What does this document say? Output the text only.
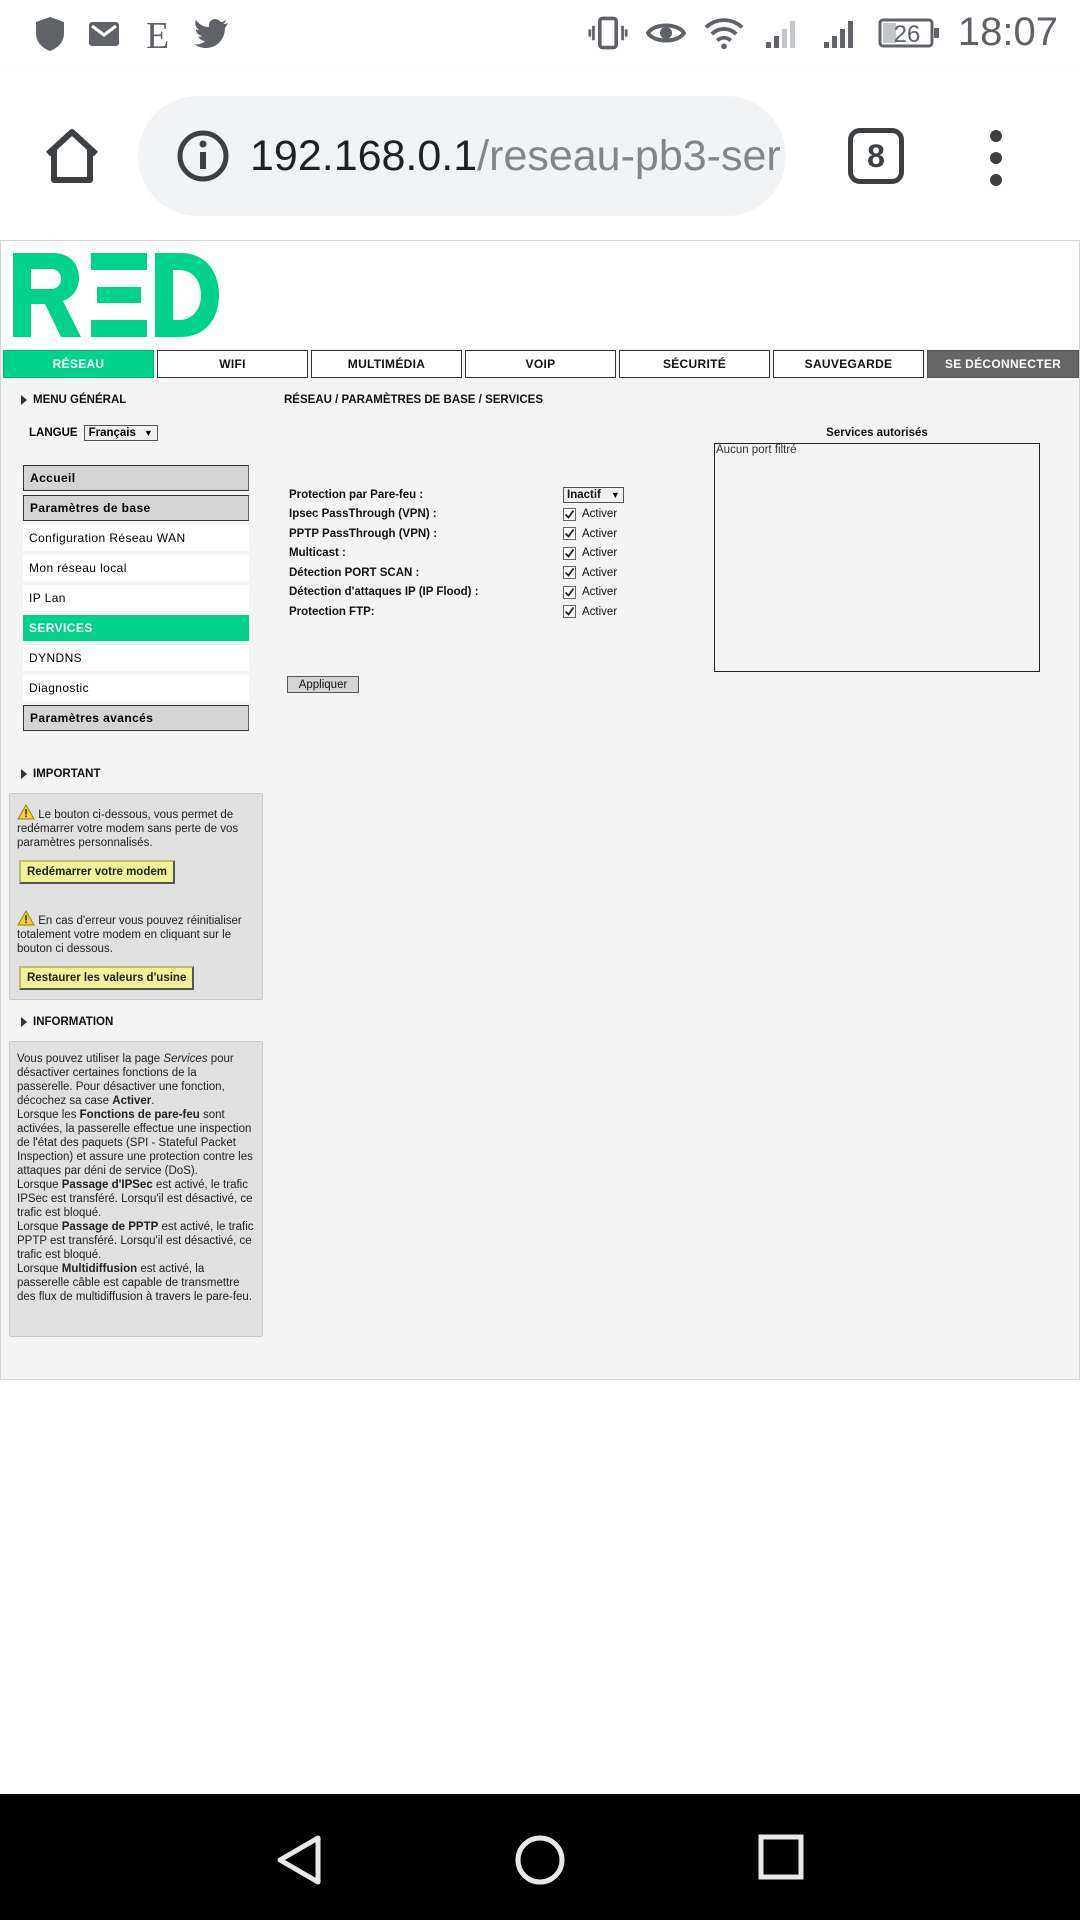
E	26 18:07
192.168.0.1/reseau-pb3-ser	8
RÉSEAU	WIFI	MULTIMÉDIA	VOIP	SÉCURITÉ	SAUVEGARDE	SE DÉCONNECTER
MENU GÉNÉRAL
LANGUE Français ▼
Accueil
Paramètres de base
Configuration Réseau WAN
Mon réseau local
IP Lan
SERVICES
DYNDNS
Diagnostic
Paramètres avancés
IMPORTANT
Le bouton ci-dessous, vous permet de redémarrer votre modem sans perte de vos paramètres personnalisés.
Redémarrer votre modem
En cas d'erreur vous pouvez réinitialiser totalement votre modem en cliquant sur le bouton ci dessous.
Restaurer les valeurs d'usine
INFORMATION
Vous pouvez utiliser la page Services pour désactiver certaines fonctions de la passerelle. Pour désactiver une fonction, décochez sa case Activer.
Lorsque les Fonctions de pare-feu sont activées, la passerelle effectue une inspection de l'état des paquets (SPI - Stateful Packet Inspection) et assure une protection contre les attaques par déni de service (DoS).
Lorsque Passage d'IPSec est activé, le trafic IPSec est transféré. Lorsqu'il est désactivé, ce trafic est bloqué.
Lorsque Passage de PPTP est activé, le trafic PPTP est transféré. Lorsqu'il est désactivé, ce trafic est bloqué.
Lorsque Multidiffusion est activé, la passerelle câble est capable de transmettre des flux de multidiffusion à travers le pare-feu.
RÉSEAU / PARAMÈTRES DE BASE / SERVICES
Protection par Pare-feu :	Inactif ▼
Ipsec PassThrough (VPN) :	Activer
PPTP PassThrough (VPN) :	Activer
Multicast :	Activer
Détection PORT SCAN :	Activer
Détection d'attaques IP (IP Flood) :	Activer
Protection FTP:	Activer
Appliquer
Services autorisés
Aucun port filtré
